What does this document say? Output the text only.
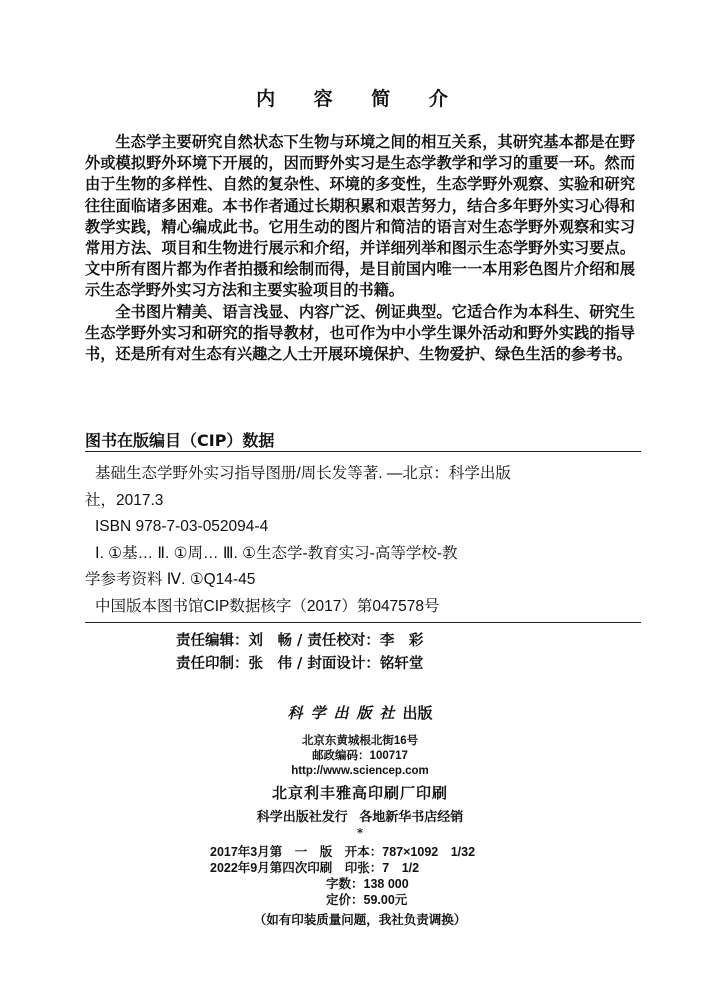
内 容 简 介

生态学主要研究自然状态下生物与环境之间的相互关系，其研究基本都是在野外或模拟野外环境下开展的，因而野外实习是生态学教学和学习的重要一环。然而由于生物的多样性、自然的复杂性、环境的多变性，生态学野外观察、实验和研究往往面临诸多困难。本书作者通过长期积累和艰苦努力，结合多年野外实习心得和教学实践，精心编成此书。它用生动的图片和简洁的语言对生态学野外观察和实习常用方法、项目和生物进行展示和介绍，并详细列举和图示生态学野外实习要点。文中所有图片都为作者拍摄和绘制而得，是目前国内唯一一本用彩色图片介绍和展示生态学野外实习方法和主要实验项目的书籍。

全书图片精美、语言浅显、内容广泛、例证典型。它适合作为本科生、研究生生态学野外实习和研究的指导教材，也可作为中小学生课外活动和野外实践的指导书，还是所有对生态有兴趣之人士开展环境保护、生物爱护、绿色生活的参考书。

图书在版编目（CIP）数据
基础生态学野外实习指导图册/周长发等著. —北京：科学出版
社，2017.3
ISBN 978-7-03-052094-4
Ⅰ. ①基… Ⅱ. ①周… Ⅲ. ①生态学-教育实习-高等学校-教
学参考资料 Ⅳ. ①Q14-45
中国版本图书馆CIP数据核字（2017）第047578号
责任编辑：刘　畅 / 责任校对：李　彩
责任印制：张　伟 / 封面设计：铭轩堂
科学出版社出版
北京东黄城根北街16号
邮政编码：100717
http://www.sciencep.com
北京利丰雅高印刷厂印刷
科学出版社发行 各地新华书店经销
*
2017年3月第　一　版　开本：787×1092　1/32
2022年9月第四次印刷　印张：7　1/2
字数：138 000
定价：59.00元
（如有印装质量问题，我社负责调换）
